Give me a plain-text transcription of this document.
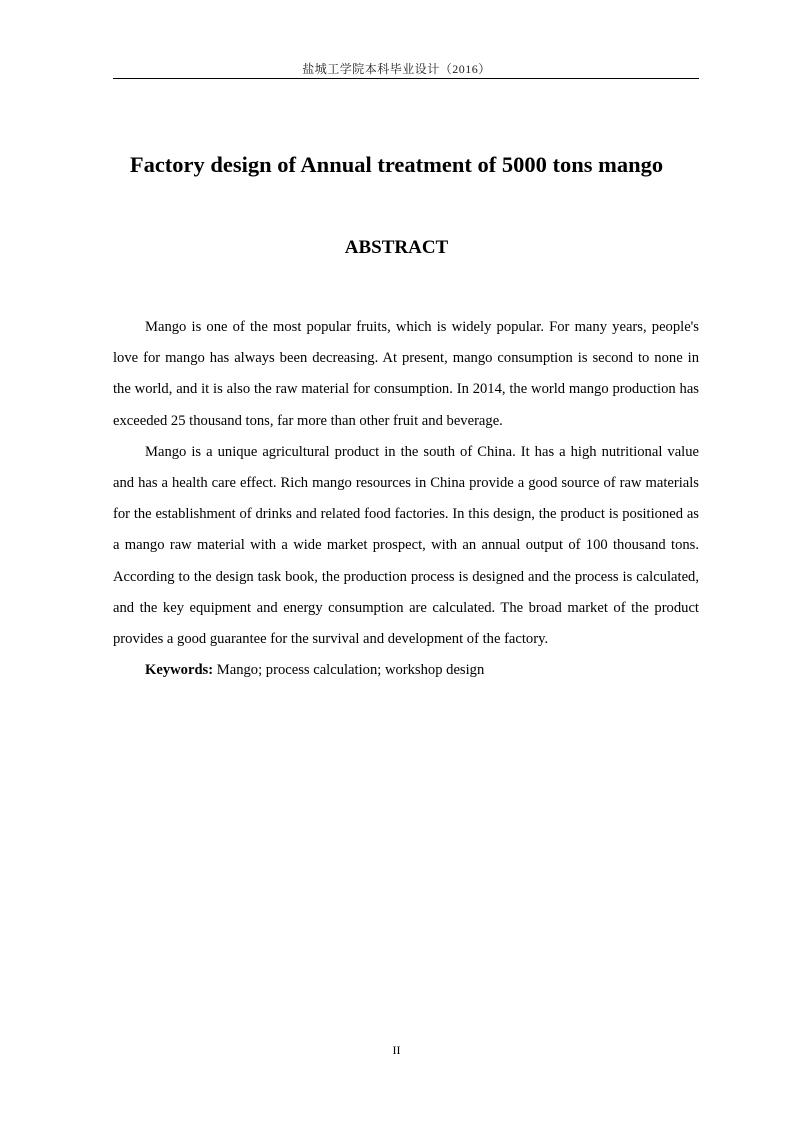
盐城工学院本科毕业设计（2016）
Factory design of Annual treatment of 5000 tons mango
ABSTRACT

Mango is one of the most popular fruits, which is widely popular. For many years, people's love for mango has always been decreasing. At present, mango consumption is second to none in the world, and it is also the raw material for consumption. In 2014, the world mango production has exceeded 25 thousand tons, far more than other fruit and beverage.

Mango is a unique agricultural product in the south of China. It has a high nutritional value and has a health care effect. Rich mango resources in China provide a good source of raw materials for the establishment of drinks and related food factories. In this design, the product is positioned as a mango raw material with a wide market prospect, with an annual output of 100 thousand tons. According to the design task book, the production process is designed and the process is calculated, and the key equipment and energy consumption are calculated. The broad market of the product provides a good guarantee for the survival and development of the factory.

Keywords: Mango; process calculation; workshop design

II
